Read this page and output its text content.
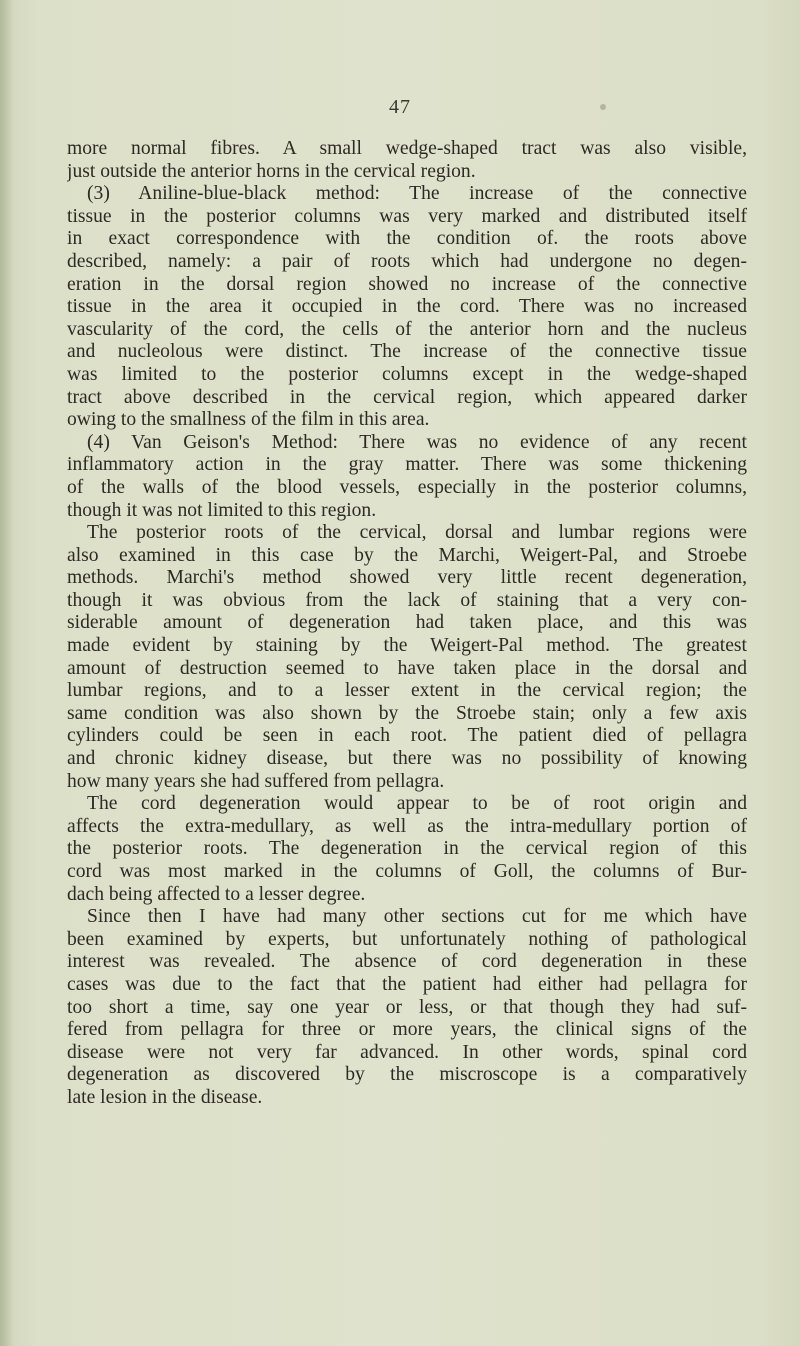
47
more normal fibres. A small wedge-shaped tract was also visible,
just outside the anterior horns in the cervical region.
(3) Aniline-blue-black method: The increase of the connective
tissue in the posterior columns was very marked and distributed itself
in exact correspondence with the condition of. the roots above
described, namely: a pair of roots which had undergone no degen-
eration in the dorsal region showed no increase of the connective
tissue in the area it occupied in the cord. There was no increased
vascularity of the cord, the cells of the anterior horn and the nucleus
and nucleolous were distinct. The increase of the connective tissue
was limited to the posterior columns except in the wedge-shaped
tract above described in the cervical region, which appeared darker
owing to the smallness of the film in this area.
(4) Van Geison's Method: There was no evidence of any recent
inflammatory action in the gray matter. There was some thickening
of the walls of the blood vessels, especially in the posterior columns,
though it was not limited to this region.
The posterior roots of the cervical, dorsal and lumbar regions were
also examined in this case by the Marchi, Weigert-Pal, and Stroebe
methods. Marchi's method showed very little recent degeneration,
though it was obvious from the lack of staining that a very con-
siderable amount of degeneration had taken place, and this was
made evident by staining by the Weigert-Pal method. The greatest
amount of destruction seemed to have taken place in the dorsal and
lumbar regions, and to a lesser extent in the cervical region; the
same condition was also shown by the Stroebe stain; only a few axis
cylinders could be seen in each root. The patient died of pellagra
and chronic kidney disease, but there was no possibility of knowing
how many years she had suffered from pellagra.
The cord degeneration would appear to be of root origin and
affects the extra-medullary, as well as the intra-medullary portion of
the posterior roots. The degeneration in the cervical region of this
cord was most marked in the columns of Goll, the columns of Bur-
dach being affected to a lesser degree.
Since then I have had many other sections cut for me which have
been examined by experts, but unfortunately nothing of pathological
interest was revealed. The absence of cord degeneration in these
cases was due to the fact that the patient had either had pellagra for
too short a time, say one year or less, or that though they had suf-
fered from pellagra for three or more years, the clinical signs of the
disease were not very far advanced. In other words, spinal cord
degeneration as discovered by the miscroscope is a comparatively
late lesion in the disease.
